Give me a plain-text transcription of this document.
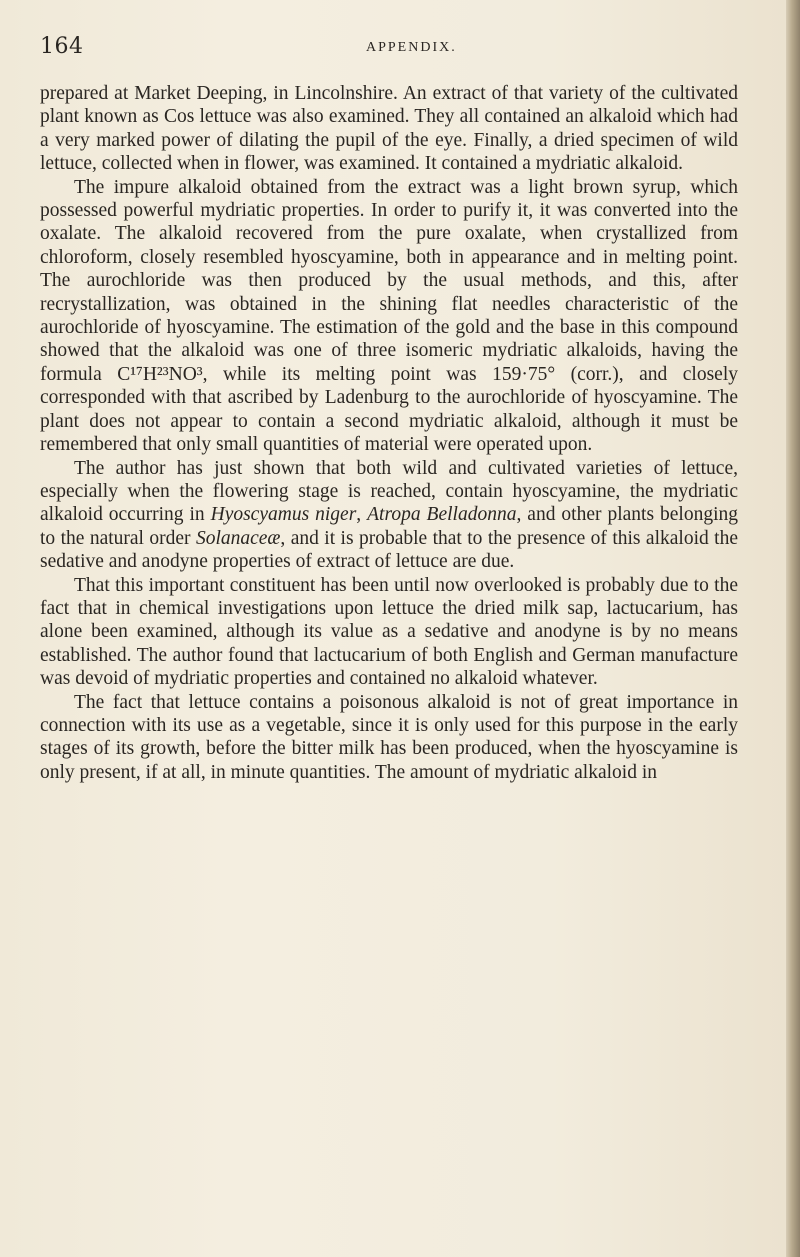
164	APPENDIX.

prepared at Market Deeping, in Lincolnshire. An extract of that variety of the cultivated plant known as Cos lettuce was also examined. They all contained an alkaloid which had a very marked power of dilating the pupil of the eye. Finally, a dried specimen of wild lettuce, collected when in flower, was examined. It contained a mydriatic alkaloid.

The impure alkaloid obtained from the extract was a light brown syrup, which possessed powerful mydriatic properties. In order to purify it, it was converted into the oxalate. The alkaloid recovered from the pure oxalate, when crystallized from chloroform, closely resembled hyoscyamine, both in appearance and in melting point. The aurochloride was then produced by the usual methods, and this, after recrystallization, was obtained in the shining flat needles characteristic of the aurochloride of hyoscyamine. The estimation of the gold and the base in this compound showed that the alkaloid was one of three isomeric mydriatic alkaloids, having the formula C¹⁷H²³NO³, while its melting point was 159·75° (corr.), and closely corresponded with that ascribed by Ladenburg to the aurochloride of hyoscyamine. The plant does not appear to contain a second mydriatic alkaloid, although it must be remembered that only small quantities of material were operated upon.

The author has just shown that both wild and cultivated varieties of lettuce, especially when the flowering stage is reached, contain hyoscyamine, the mydriatic alkaloid occurring in Hyoscyamus niger, Atropa Belladonna, and other plants belonging to the natural order Solanaceæ, and it is probable that to the presence of this alkaloid the sedative and anodyne properties of extract of lettuce are due.

That this important constituent has been until now overlooked is probably due to the fact that in chemical investigations upon lettuce the dried milk sap, lactucarium, has alone been examined, although its value as a sedative and anodyne is by no means established. The author found that lactucarium of both English and German manufacture was devoid of mydriatic properties and contained no alkaloid whatever.

The fact that lettuce contains a poisonous alkaloid is not of great importance in connection with its use as a vegetable, since it is only used for this purpose in the early stages of its growth, before the bitter milk has been produced, when the hyoscyamine is only present, if at all, in minute quantities. The amount of mydriatic alkaloid in
